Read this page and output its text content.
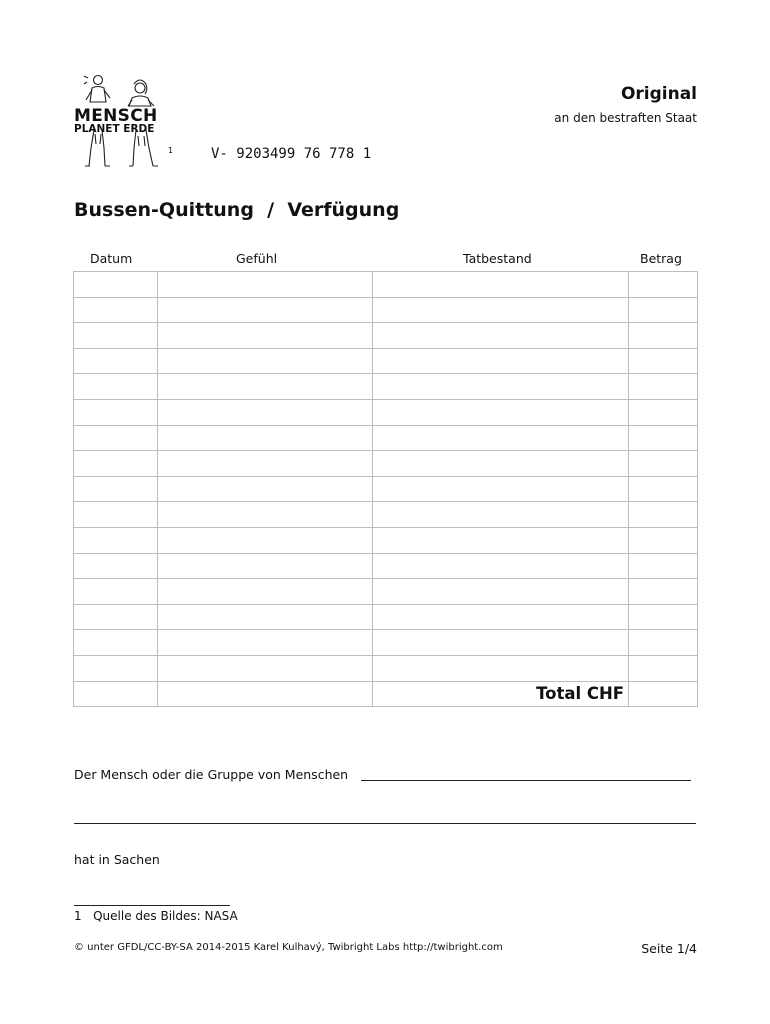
MENSCH
PLANET ERDE
1	V- 9203499 76 778 1
Original
an den bestraften Staat
Bussen-Quittung  /  Verfügung
Datum	Gefühl	Tatbestand	Betrag

		Total CHF	
Der Mensch oder die Gruppe von Menschen
hat in Sachen
1 Quelle des Bildes: NASA
© unter GFDL/CC-BY-SA 2014-2015 Karel Kulhavý, Twibright Labs http://twibright.com	Seite 1/4
